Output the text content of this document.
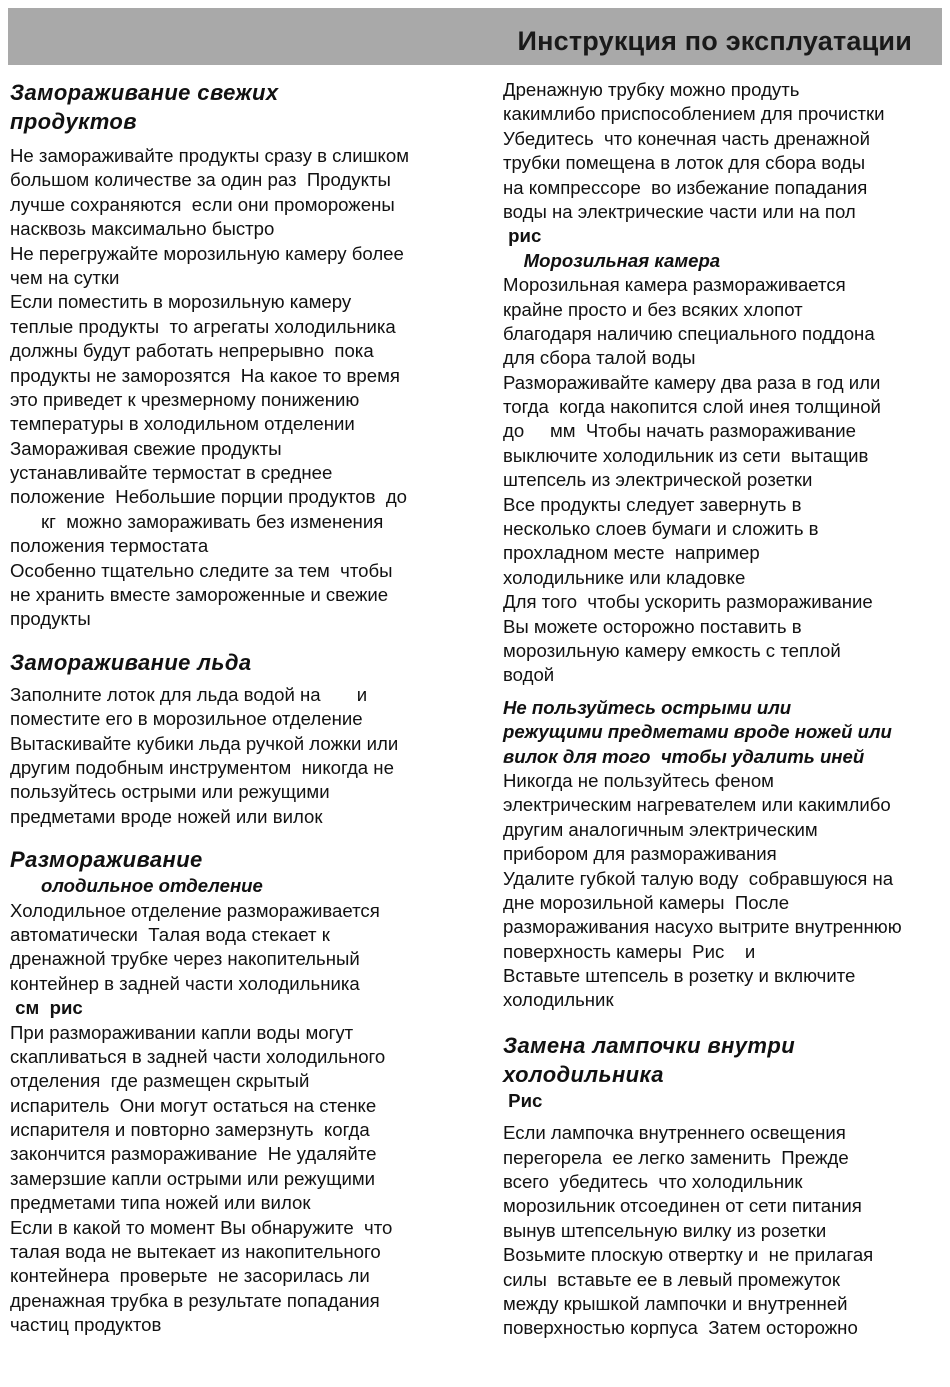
Инструкция по эксплуатации
Замораживание свежих
продуктов
Не замораживайте продукты сразу в слишком
большом количестве за один раз  Продукты
лучше сохраняются  если они проморожены
насквозь максимально быстро
Не перегружайте морозильную камеру более
чем на сутки
Если поместить в морозильную камеру
теплые продукты  то агрегаты холодильника
должны будут работать непрерывно  пока
продукты не заморозятся  На какое то время
это приведет к чрезмерному понижению
температуры в холодильном отделении
Замораживая свежие продукты
устанавливайте термостат в среднее
положение  Небольшие порции продуктов  до
кг  можно замораживать без изменения
положения термостата
Особенно тщательно следите за тем  чтобы
не хранить вместе замороженные и свежие
продукты
Замораживание льда
Заполните лоток для льда водой на       и
поместите его в морозильное отделение
Вытаскивайте кубики льда ручкой ложки или
другим подобным инструментом  никогда не
пользуйтесь острыми или режущими
предметами вроде ножей или вилок
Размораживание
олодильное отделение
Холодильное отделение размораживается
автоматически  Талая вода стекает к
дренажной трубке через накопительный
контейнер в задней части холодильника
см  рис
При размораживании капли воды могут
скапливаться в задней части холодильного
отделения  где размещен скрытый
испаритель  Они могут остаться на стенке
испарителя и повторно замерзнуть  когда
закончится размораживание  Не удаляйте
замерзшие капли острыми или режущими
предметами типа ножей или вилок
Если в какой то момент Вы обнаружите  что
талая вода не вытекает из накопительного
контейнера  проверьте  не засорилась ли
дренажная трубка в результате попадания
частиц продуктов
Дренажную трубку можно продуть
какимлибо приспособлением для прочистки
Убедитесь  что конечная часть дренажной
трубки помещена в лоток для сбора воды
на компрессоре  во избежание попадания
воды на электрические части или на пол
рис
Морозильная камера
Морозильная камера размораживается
крайне просто и без всяких хлопот
благодаря наличию специального поддона
для сбора талой воды
Размораживайте камеру два раза в год или
тогда  когда накопится слой инея толщиной
до     мм  Чтобы начать размораживание
выключите холодильник из сети  вытащив
штепсель из электрической розетки
Все продукты следует завернуть в
несколько слоев бумаги и сложить в
прохладном месте  например
холодильнике или кладовке
Для того  чтобы ускорить размораживание
Вы можете осторожно поставить в
морозильную камеру емкость с теплой
водой
Не пользуйтесь острыми или
режущими предметами вроде ножей или
вилок для того  чтобы удалить иней
Никогда не пользуйтесь феном
электрическим нагревателем или какимлибо
другим аналогичным электрическим
прибором для размораживания
Удалите губкой талую воду  собравшуюся на
дне морозильной камеры  После
размораживания насухо вытрите внутреннюю
поверхность камеры  Рис    и
Вставьте штепсель в розетку и включите
холодильник
Замена лампочки внутри
холодильника
Рис
Если лампочка внутреннего освещения
перегорела  ее легко заменить  Прежде
всего  убедитесь  что холодильник
морозильник отсоединен от сети питания
вынув штепсельную вилку из розетки
Возьмите плоскую отвертку и  не прилагая
силы  вставьте ее в левый промежуток
между крышкой лампочки и внутренней
поверхностью корпуса  Затем осторожно
